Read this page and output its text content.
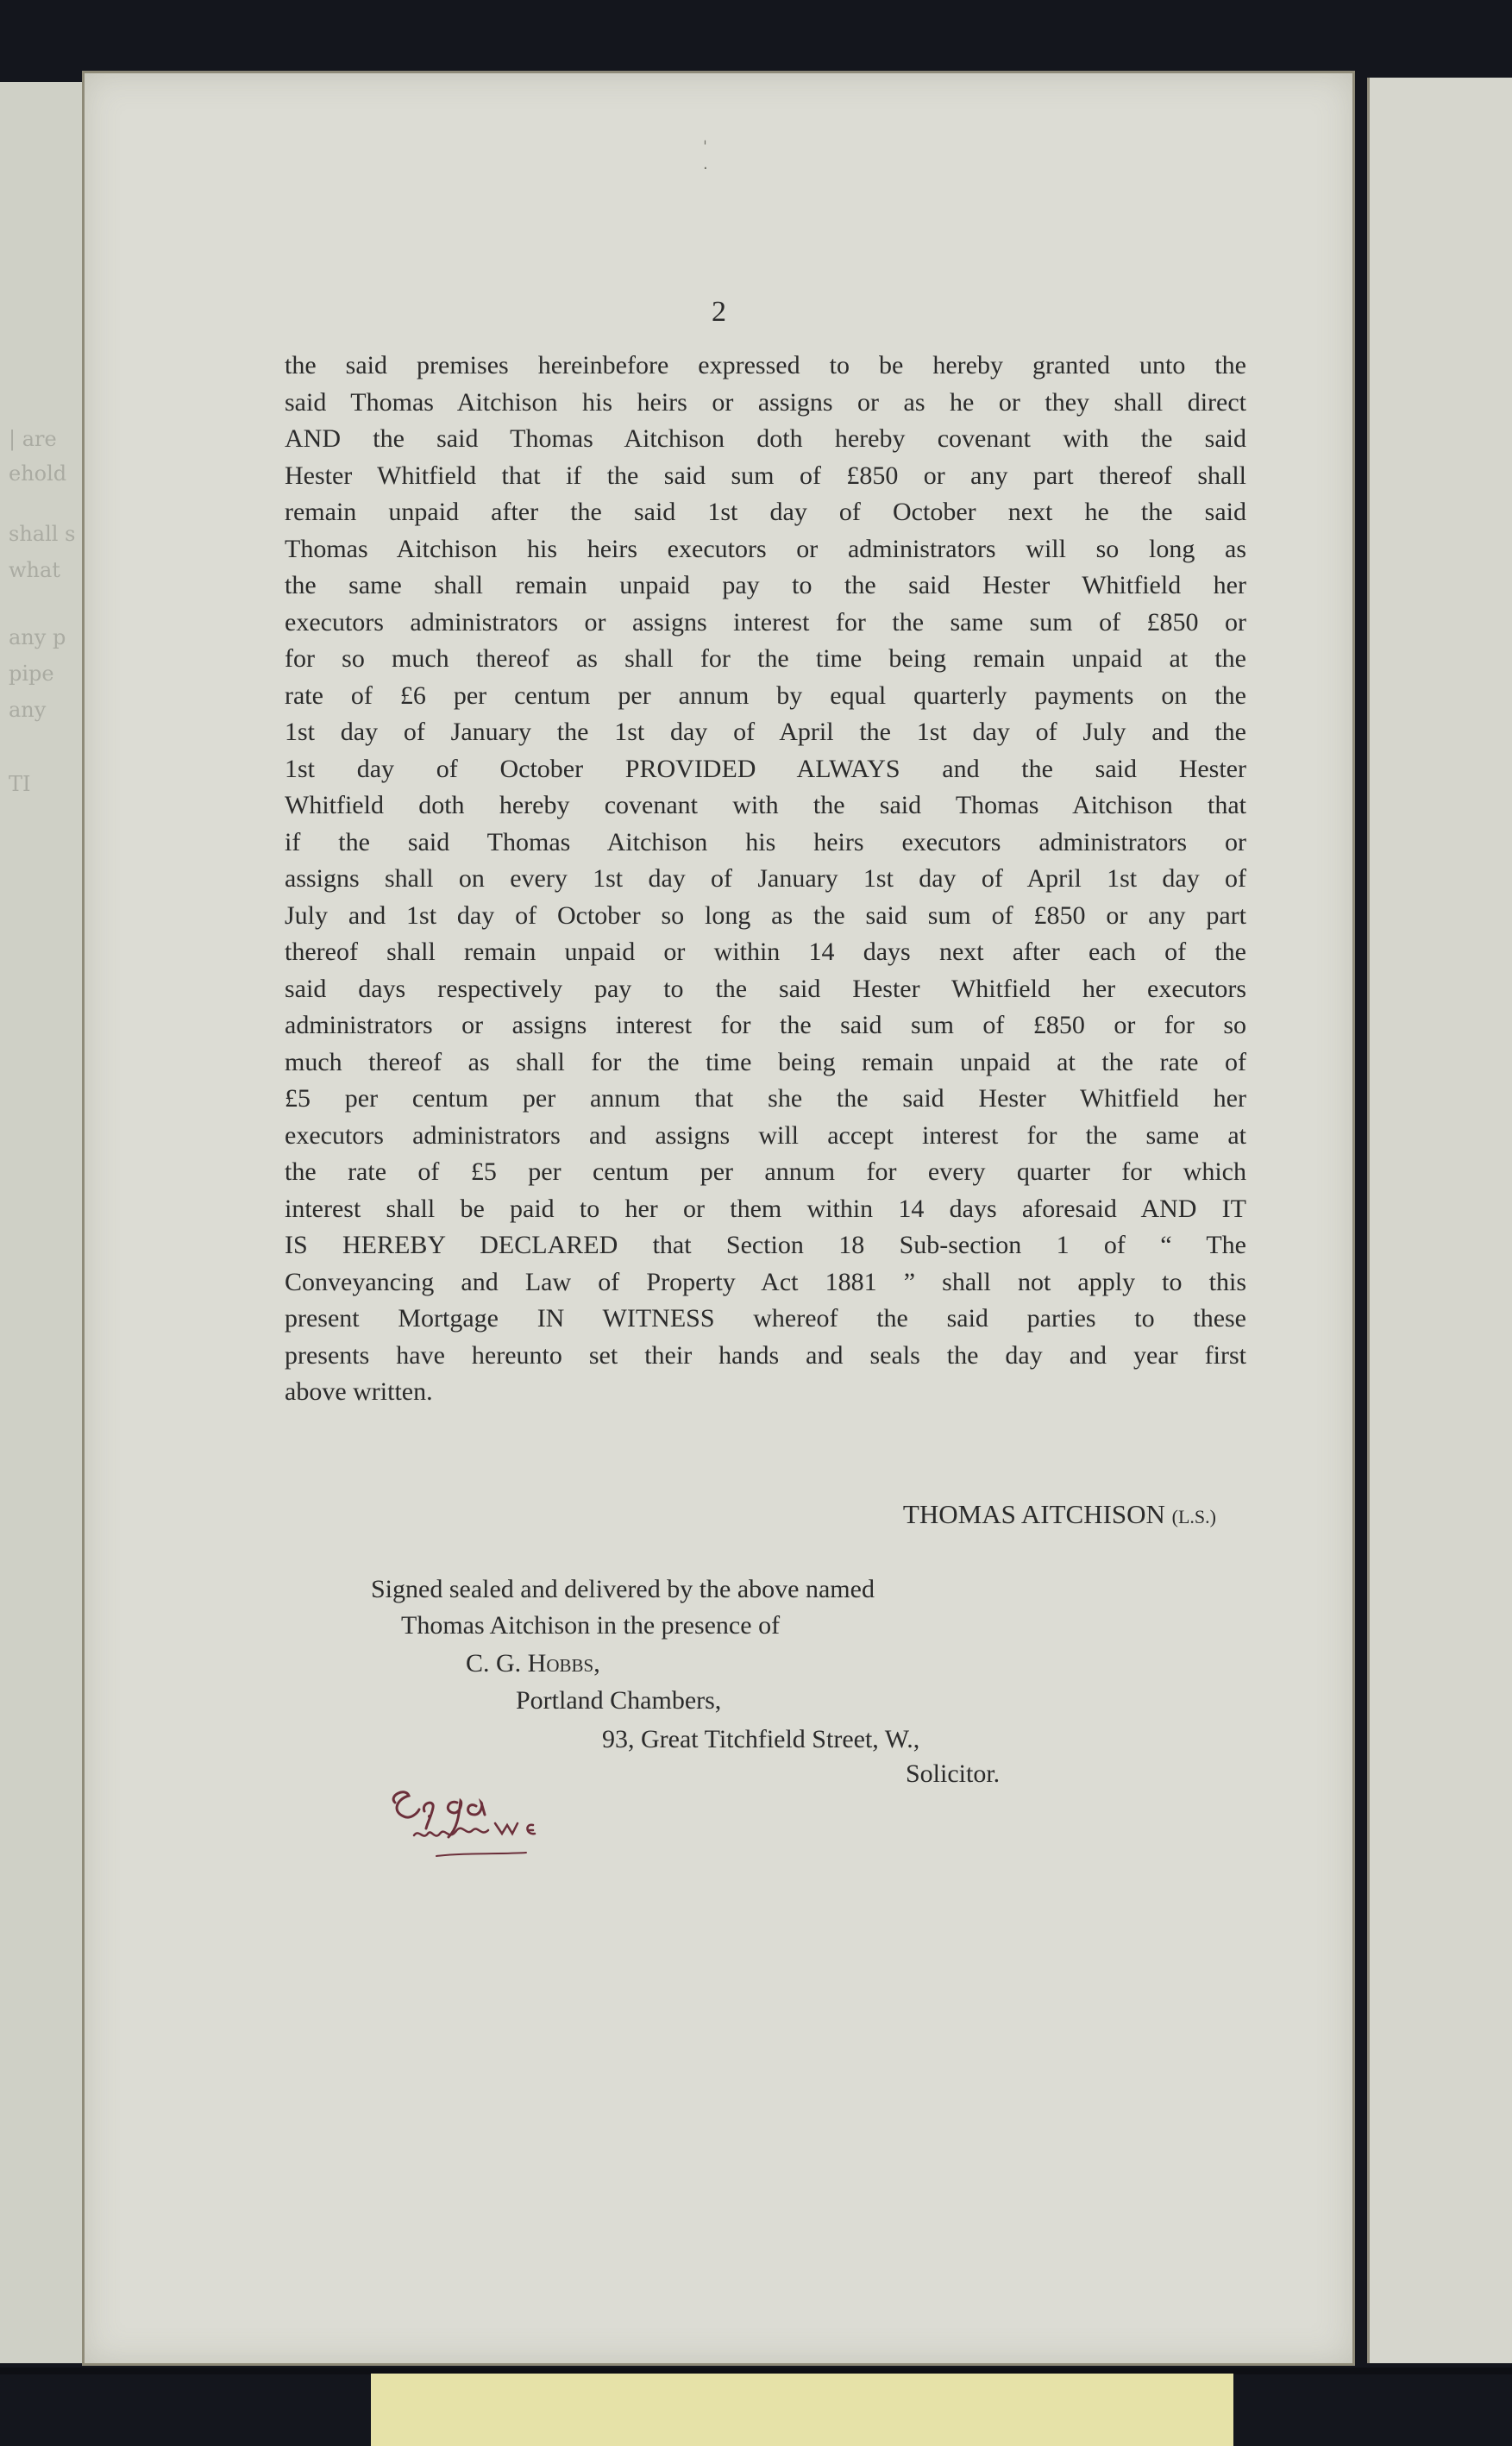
| are
ehold
shall s
what
any p
pipe
any
TI
ˈ
·
2
the said premises hereinbefore expressed to be hereby granted unto the
said Thomas Aitchison his heirs or assigns or as he or they shall direct
AND the said Thomas Aitchison doth hereby covenant with the said
Hester Whitfield that if the said sum of £850 or any part thereof shall
remain unpaid after the said 1st day of October next he the said
Thomas Aitchison his heirs executors or administrators will so long as
the same shall remain unpaid pay to the said Hester Whitfield her
executors administrators or assigns interest for the same sum of £850 or
for so much thereof as shall for the time being remain unpaid at the
rate of £6 per centum per annum by equal quarterly payments on the
1st day of January the 1st day of April the 1st day of July and the
1st day of October PROVIDED ALWAYS and the said Hester
Whitfield doth hereby covenant with the said Thomas Aitchison that
if the said Thomas Aitchison his heirs executors administrators or
assigns shall on every 1st day of January 1st day of April 1st day of
July and 1st day of October so long as the said sum of £850 or any part
thereof shall remain unpaid or within 14 days next after each of the
said days respectively pay to the said Hester Whitfield her executors
administrators or assigns interest for the said sum of £850 or for so
much thereof as shall for the time being remain unpaid at the rate of
£5 per centum per annum that she the said Hester Whitfield her
executors administrators and assigns will accept interest for the same at
the rate of £5 per centum per annum for every quarter for which
interest shall be paid to her or them within 14 days aforesaid AND IT
IS HEREBY DECLARED that Section 18 Sub-section 1 of “ The
Conveyancing and Law of Property Act 1881 ” shall not apply to this
present Mortgage IN WITNESS whereof the said parties to these
presents have hereunto set their hands and seals the day and year first
above written.
THOMAS AITCHISON (L.S.)
Signed sealed and delivered by the above named
Thomas Aitchison in the presence of
C. G. Hobbs,
Portland Chambers,
93, Great Titchfield Street, W.,
Solicitor.
E.G. ga with W.E.
